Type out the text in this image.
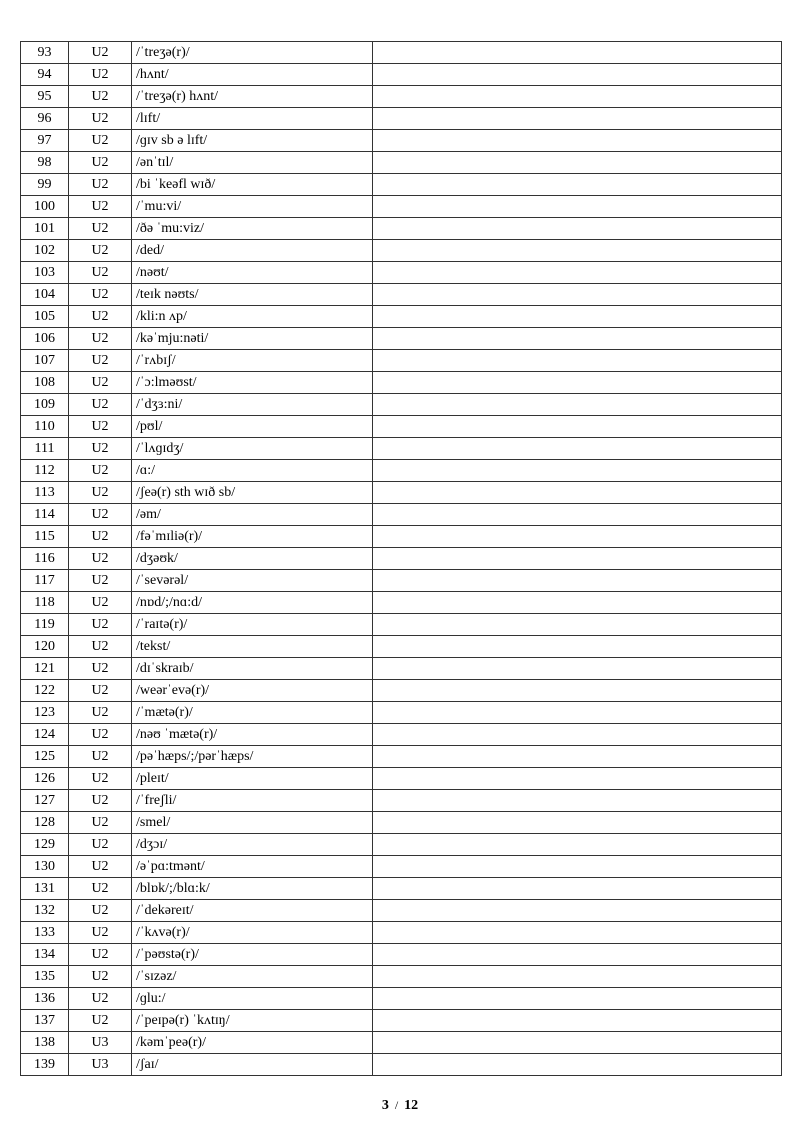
93	U2	/ˈtreʒə(r)/	
94	U2	/hʌnt/	
95	U2	/ˈtreʒə(r) hʌnt/	
96	U2	/lɪft/	
97	U2	/ɡɪv sb ə lɪft/	
98	U2	/ənˈtɪl/	
99	U2	/bi ˈkeəfl wɪð/	
100	U2	/ˈmu:vi/	
101	U2	/ðə ˈmu:viz/	
102	U2	/ded/	
103	U2	/nəʊt/	
104	U2	/teɪk nəʊts/	
105	U2	/kli:n ʌp/	
106	U2	/kəˈmju:nəti/	
107	U2	/ˈrʌbɪʃ/	
108	U2	/ˈɔ:lməʊst/	
109	U2	/ˈdʒɜ:ni/	
110	U2	/pʊl/	
111	U2	/ˈlʌɡɪdʒ/	
112	U2	/ɑ:/	
113	U2	/ʃeə(r) sth wɪð sb/	
114	U2	/əm/	
115	U2	/fəˈmɪliə(r)/	
116	U2	/dʒəʊk/	
117	U2	/ˈsevərəl/	
118	U2	/nɒd/;/nɑ:d/	
119	U2	/ˈraɪtə(r)/	
120	U2	/tekst/	
121	U2	/dɪˈskraɪb/	
122	U2	/weərˈevə(r)/	
123	U2	/ˈmætə(r)/	
124	U2	/nəʊ ˈmætə(r)/	
125	U2	/pəˈhæps/;/pərˈhæps/	
126	U2	/pleɪt/	
127	U2	/ˈfreʃli/	
128	U2	/smel/	
129	U2	/dʒɔɪ/	
130	U2	/əˈpɑ:tmənt/	
131	U2	/blɒk/;/blɑ:k/	
132	U2	/ˈdekəreɪt/	
133	U2	/ˈkʌvə(r)/	
134	U2	/ˈpəʊstə(r)/	
135	U2	/ˈsɪzəz/	
136	U2	/ɡlu:/	
137	U2	/ˈpeɪpə(r) ˈkʌtɪŋ/	
138	U3	/kəmˈpeə(r)/	
139	U3	/ʃaɪ/	
3 / 12
